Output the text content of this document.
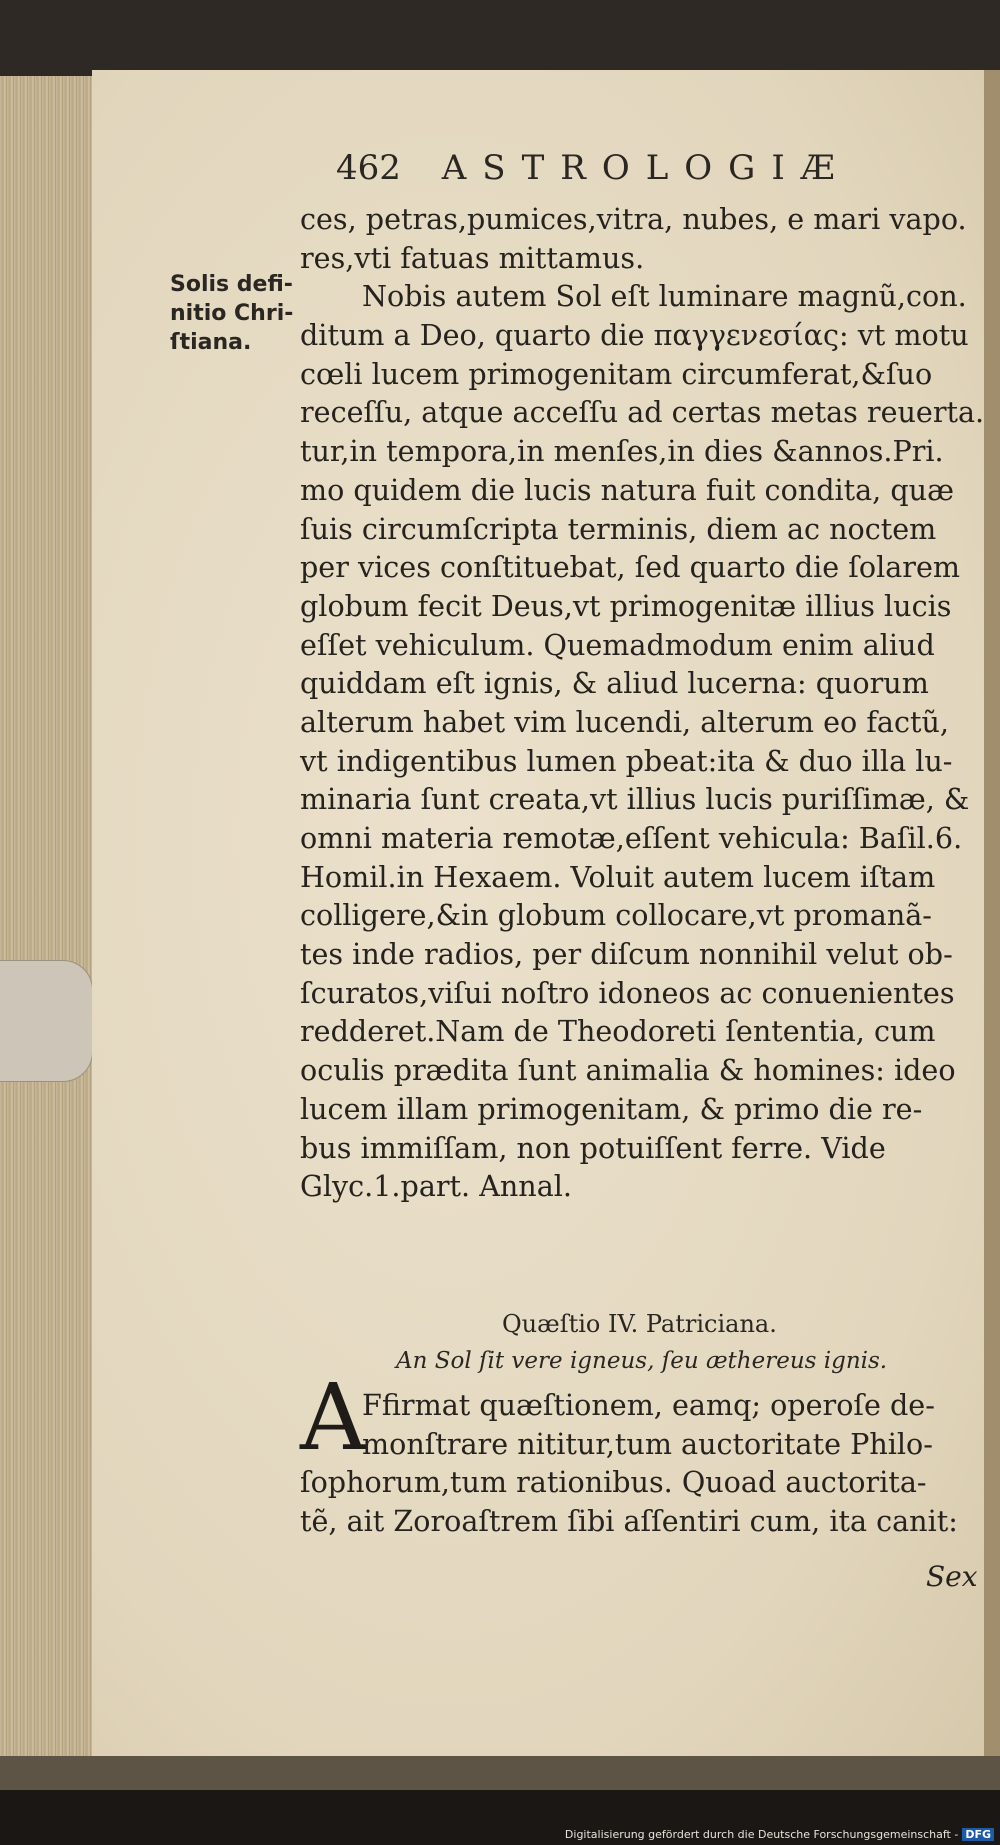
462 ASTROLOGIÆ
Solis defi-
nitio Chri-
ſtiana.
ces, petras,pumices,vitra, nubes, e mari vapo.
res,vti fatuas mittamus.
Nobis autem Sol eſt luminare magnũ,con.
ditum a Deo, quarto die παγγενεσίας: vt motu
cœli lucem primogenitam circumferat,&ſuo
receſſu, atque acceſſu ad certas metas reuerta.
tur,in tempora,in menſes,in dies &annos.Pri.
mo quidem die lucis natura fuit condita, quæ
ſuis circumſcripta terminis, diem ac noctem
per vices conſtituebat, ſed quarto die ſolarem
globum fecit Deus,vt primogenitæ illius lucis
eſſet vehiculum. Quemadmodum enim aliud
quiddam eſt ignis, & aliud lucerna: quorum
alterum habet vim lucendi, alterum eo factũ,
vt indigentibus lumen pbeat:ita & duo illa lu-
minaria ſunt creata,vt illius lucis puriſſimæ, &
omni materia remotæ,eſſent vehicula: Baſil.6.
Homil.in Hexaem. Voluit autem lucem iſtam
colligere,&in globum collocare,vt promanã-
tes inde radios, per diſcum nonnihil velut ob-
ſcuratos,viſui noſtro idoneos ac conuenientes
redderet.Nam de Theodoreti ſententia, cum
oculis prædita ſunt animalia & homines: ideo
lucem illam primogenitam, & primo die re-
bus immiſſam, non potuiſſent ferre. Vide
Glyc.1.part. Annal.
Quæſtio IV. Patriciana.
An Sol ſit vere igneus, ſeu æthereus ignis.
A
Ffirmat quæſtionem, eamq; operoſe de-
monſtrare nititur,tum auctoritate Philo-
ſophorum,tum rationibus. Quoad auctorita-
tẽ, ait Zoroaſtrem ſibi aſſentiri cum, ita canit:
Sex
Digitalisierung gefördert durch die Deutsche Forschungsgemeinschaft - DFG
